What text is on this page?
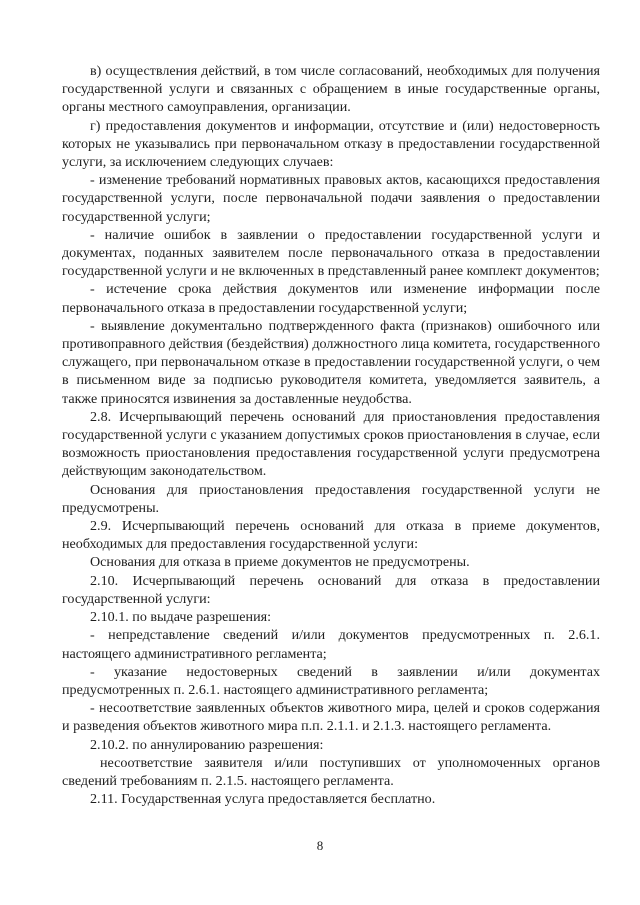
в) осуществления действий, в том числе согласований, необходимых для получения государственной услуги и связанных с обращением в иные государственные органы, органы местного самоуправления, организации.

г) предоставления документов и информации, отсутствие и (или) недостоверность которых не указывались при первоначальном отказу в предоставлении государственной услуги, за исключением следующих случаев:

- изменение требований нормативных правовых актов, касающихся предоставления государственной услуги, после первоначальной подачи заявления о предоставлении государственной услуги;

- наличие ошибок в заявлении о предоставлении государственной услуги и документах, поданных заявителем после первоначального отказа в предоставлении государственной услуги и не включенных в представленный ранее комплект документов;

- истечение срока действия документов или изменение информации после первоначального отказа в предоставлении государственной услуги;

- выявление документально подтвержденного факта (признаков) ошибочного или противоправного действия (бездействия) должностного лица комитета, государственного служащего, при первоначальном отказе в предоставлении государственной услуги, о чем в письменном виде за подписью руководителя комитета, уведомляется заявитель, а также приносятся извинения за доставленные неудобства.

2.8. Исчерпывающий перечень оснований для приостановления предоставления государственной услуги с указанием допустимых сроков приостановления в случае, если возможность приостановления предоставления государственной услуги предусмотрена действующим законодательством.

Основания для приостановления предоставления государственной услуги не предусмотрены.

2.9. Исчерпывающий перечень оснований для отказа в приеме документов, необходимых для предоставления государственной услуги:

Основания для отказа в приеме документов не предусмотрены.

2.10. Исчерпывающий перечень оснований для отказа в предоставлении государственной услуги:

2.10.1. по выдаче разрешения:

- непредставление сведений и/или документов предусмотренных п. 2.6.1. настоящего административного регламента;

- указание недостоверных сведений в заявлении и/или документах предусмотренных п. 2.6.1. настоящего административного регламента;

- несоответствие заявленных объектов животного мира, целей и сроков содержания и разведения объектов животного мира п.п. 2.1.1. и 2.1.3. настоящего регламента.

2.10.2. по аннулированию разрешения:

несоответствие заявителя и/или поступивших от уполномоченных органов сведений требованиям п. 2.1.5. настоящего регламента.

2.11. Государственная услуга предоставляется бесплатно.

8
